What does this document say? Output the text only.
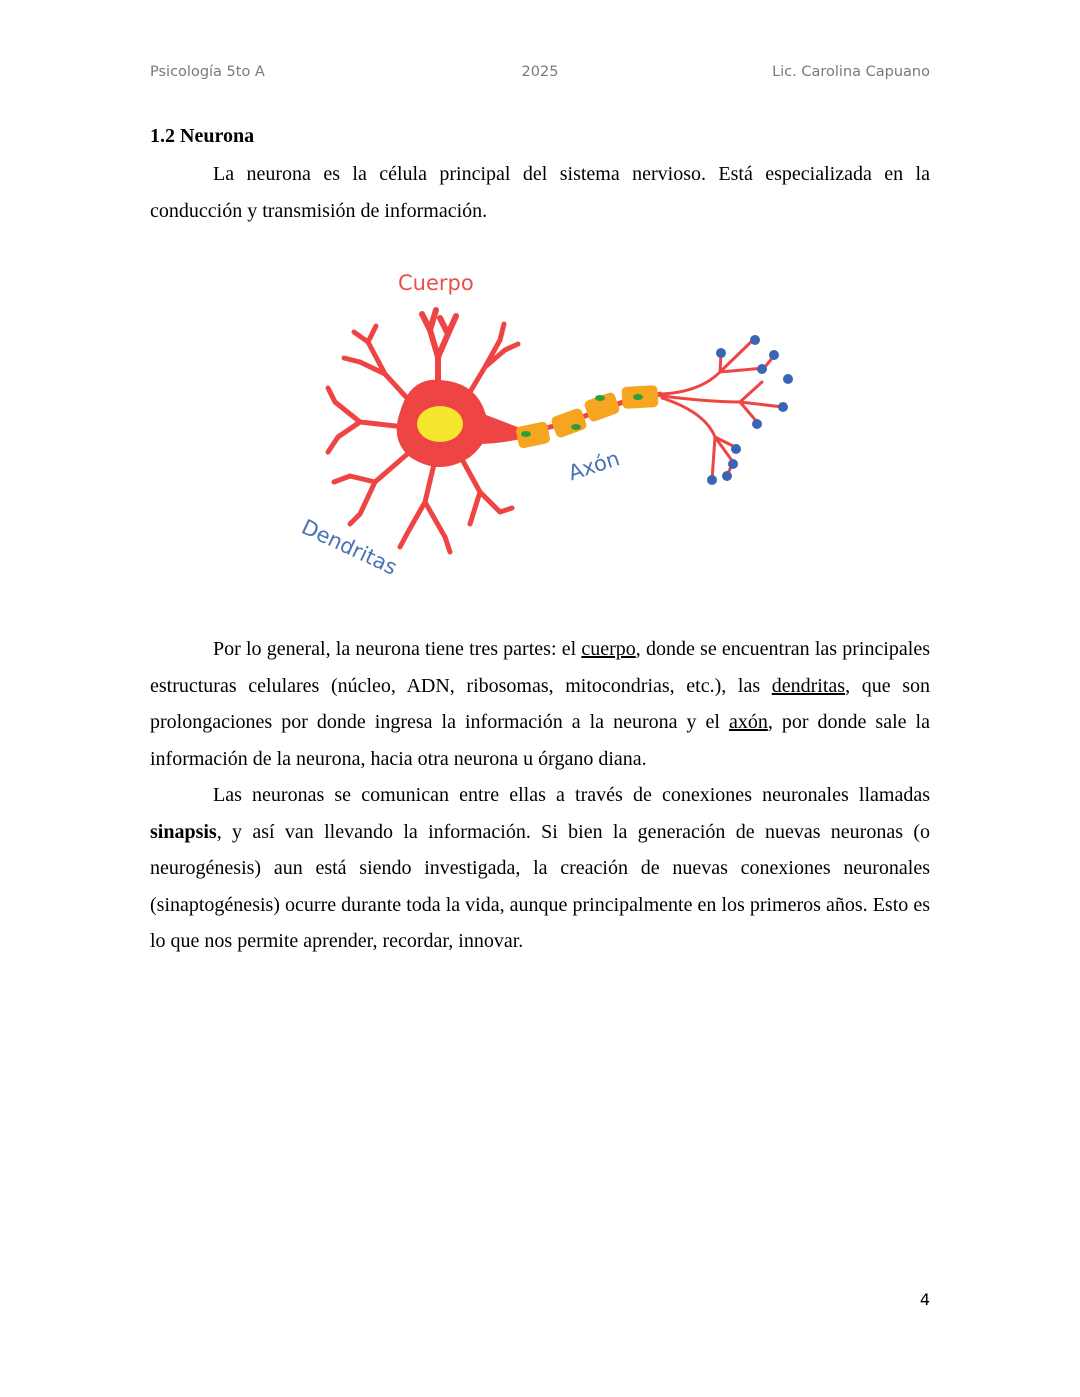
Psicología 5to A	2025	Lic. Carolina Capuano
1.2 Neurona

La neurona es la célula principal del sistema nervioso. Está especializada en la conducción y transmisión de información.

Cuerpo
Axón
Dendritas

Por lo general, la neurona tiene tres partes: el cuerpo, donde se encuentran las principales estructuras celulares (núcleo, ADN, ribosomas, mitocondrias, etc.), las dendritas, que son prolongaciones por donde ingresa la información a la neurona y el axón, por donde sale la información de la neurona, hacia otra neurona u órgano diana.

Las neuronas se comunican entre ellas a través de conexiones neuronales llamadas sinapsis, y así van llevando la información. Si bien la generación de nuevas neuronas (o neurogénesis) aun está siendo investigada, la creación de nuevas conexiones neuronales (sinaptogénesis) ocurre durante toda la vida, aunque principalmente en los primeros años. Esto es lo que nos permite aprender, recordar, innovar.

4
